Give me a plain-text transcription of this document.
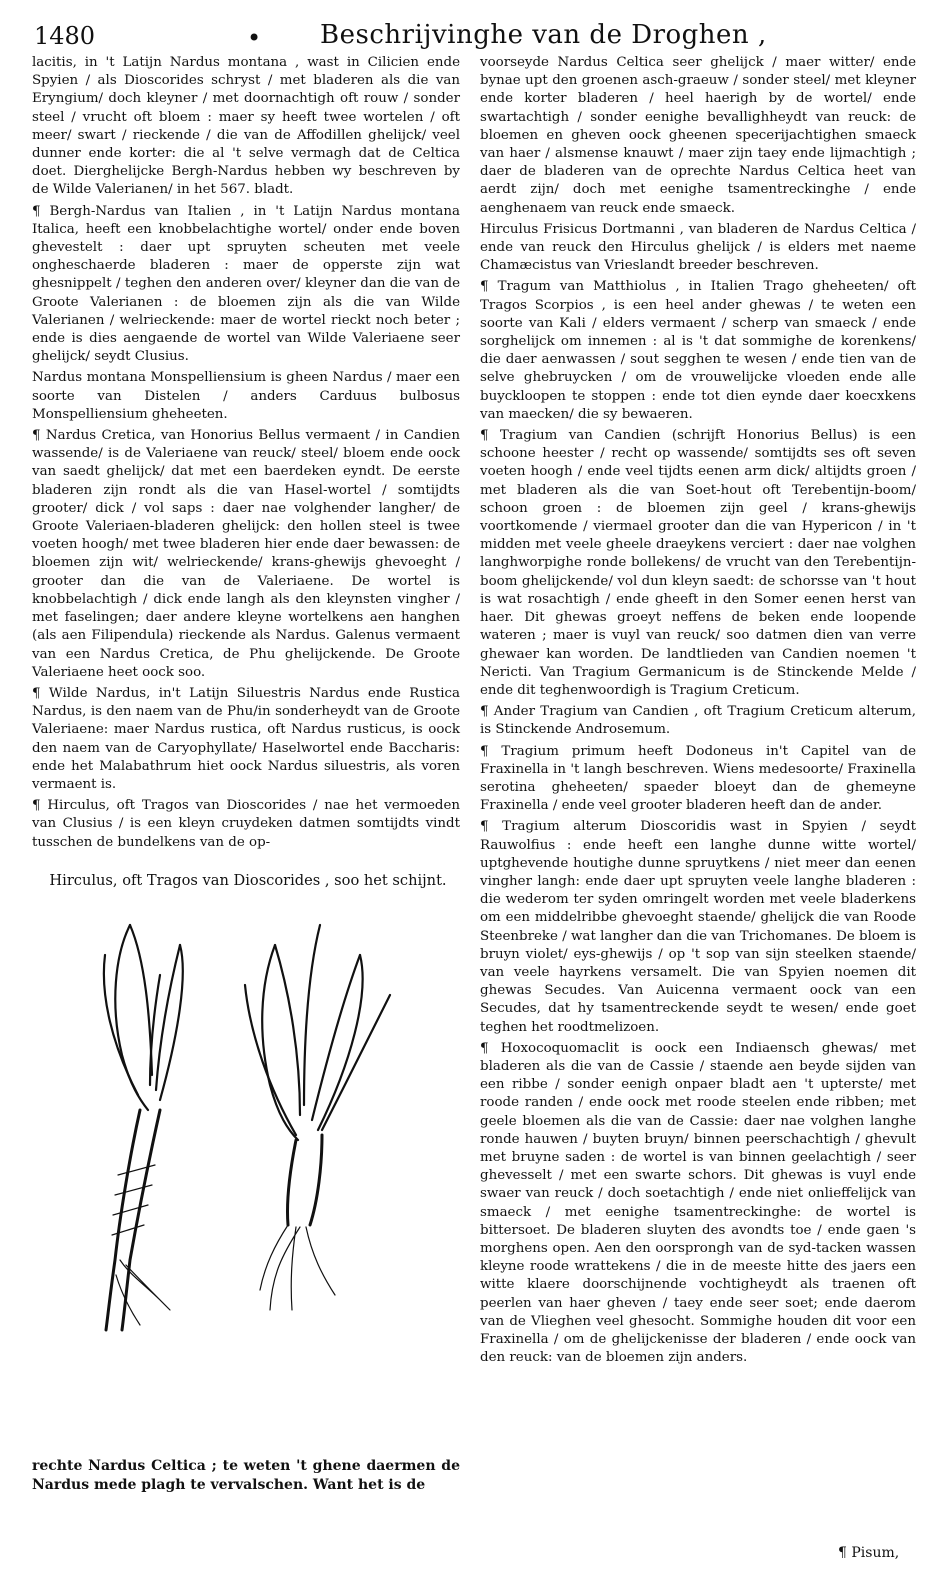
1480	• Beschrijvinghe van de Droghen ,

lacitis, in 't Latijn Nardus montana , wast in Cilicien ende Spyien / als Dioscorides schryst / met bladeren als die van Eryngium/ doch kleyner / met doornachtigh oft rouw / sonder steel / vrucht oft bloem : maer sy heeft twee wortelen / oft meer/ swart / rieckende / die van de Affodillen ghelijck/ veel dunner ende korter: die al 't selve vermagh dat de Celtica doet. Dierghelijcke Bergh-Nardus hebben wy beschreven by de Wilde Valerianen/ in het 567. bladt.

¶ Bergh-Nardus van Italien , in 't Latijn Nardus montana Italica, heeft een knobbelachtighe wortel/ onder ende boven ghevestelt : daer upt spruyten scheuten met veele ongheschaerde bladeren : maer de opperste zijn wat ghesnippelt / teghen den anderen over/ kleyner dan die van de Groote Valerianen : de bloemen zijn als die van Wilde Valerianen / welrieckende: maer de wortel rieckt noch beter ; ende is dies aengaende de wortel van Wilde Valeriaene seer ghelijck/ seydt Clusius.

Nardus montana Monspelliensium is gheen Nardus / maer een soorte van Distelen / anders Carduus bulbosus Monspelliensium gheheeten.

¶ Nardus Cretica, van Honorius Bellus vermaent / in Candien wassende/ is de Valeriaene van reuck/ steel/ bloem ende oock van saedt ghelijck/ dat met een baerdeken eyndt. De eerste bladeren zijn rondt als die van Hasel-wortel / somtijdts grooter/ dick / vol saps : daer nae volghender langher/ de Groote Valeriaen-bladeren ghelijck: den hollen steel is twee voeten hoogh/ met twee bladeren hier ende daer bewassen: de bloemen zijn wit/ welrieckende/ krans-ghewijs ghevoeght / grooter dan die van de Valeriaene. De wortel is knobbelachtigh / dick ende langh als den kleynsten vingher / met faselingen; daer andere kleyne wortelkens aen hanghen (als aen Filipendula) rieckende als Nardus. Galenus vermaent van een Nardus Cretica, de Phu ghelijckende. De Groote Valeriaene heet oock soo.

¶ Wilde Nardus, in't Latijn Siluestris Nardus ende Rustica Nardus, is den naem van de Phu/in sonderheydt van de Groote Valeriaene: maer Nardus rustica, oft Nardus rusticus, is oock den naem van de Caryophyllate/ Haselwortel ende Baccharis: ende het Malabathrum hiet oock Nardus siluestris, als voren vermaent is.

¶ Hirculus, oft Tragos van Dioscorides / nae het vermoeden van Clusius / is een kleyn cruydeken datmen somtijdts vindt tusschen de bundelkens van de op-

Hirculus, oft Tragos van Dioscorides , soo het schijnt.
rechte Nardus Celtica ; te weten 't ghene daermen de Nardus mede plagh te vervalschen. Want het is de

voorseyde Nardus Celtica seer ghelijck / maer witter/ ende bynae upt den groenen asch-graeuw / sonder steel/ met kleyner ende korter bladeren / heel haerigh by de wortel/ ende swartachtigh / sonder eenighe bevallighheydt van reuck: de bloemen en gheven oock gheenen specerijachtighen smaeck van haer / alsmense knauwt / maer zijn taey ende lijmachtigh ; daer de bladeren van de oprechte Nardus Celtica heet van aerdt zijn/ doch met eenighe tsamentreckinghe / ende aenghenaem van reuck ende smaeck.

Hirculus Frisicus Dortmanni , van bladeren de Nardus Celtica / ende van reuck den Hirculus ghelijck / is elders met naeme Chamæcistus van Vrieslandt breeder beschreven.

¶ Tragum van Matthiolus , in Italien Trago gheheeten/ oft Tragos Scorpios , is een heel ander ghewas / te weten een soorte van Kali / elders vermaent / scherp van smaeck / ende sorghelijck om innemen : al is 't dat sommighe de korenkens/ die daer aenwassen / sout segghen te wesen / ende tien van de selve ghebruycken / om de vrouwelijcke vloeden ende alle buyckloopen te stoppen : ende tot dien eynde daer koecxkens van maecken/ die sy bewaeren.

¶ Tragium van Candien (schrijft Honorius Bellus) is een schoone heester / recht op wassende/ somtijdts ses oft seven voeten hoogh / ende veel tijdts eenen arm dick/ altijdts groen / met bladeren als die van Soet-hout oft Terebentijn-boom/ schoon groen : de bloemen zijn geel / krans-ghewijs voortkomende / viermael grooter dan die van Hypericon / in 't midden met veele gheele draeykens verciert : daer nae volghen langhworpighe ronde bollekens/ de vrucht van den Terebentijn-boom ghelijckende/ vol dun kleyn saedt: de schorsse van 't hout is wat rosachtigh / ende gheeft in den Somer eenen herst van haer. Dit ghewas groeyt neffens de beken ende loopende wateren ; maer is vuyl van reuck/ soo datmen dien van verre ghewaer kan worden. De landtlieden van Candien noemen 't Nericti. Van Tragium Germanicum is de Stinckende Melde / ende dit teghenwoordigh is Tragium Creticum.

¶ Ander Tragium van Candien , oft Tragium Creticum alterum, is Stinckende Androsemum.

¶ Tragium primum heeft Dodoneus in't Capitel van de Fraxinella in 't langh beschreven. Wiens medesoorte/ Fraxinella serotina gheheeten/ spaeder bloeyt dan de ghemeyne Fraxinella / ende veel grooter bladeren heeft dan de ander.

¶ Tragium alterum Dioscoridis wast in Spyien / seydt Rauwolfius : ende heeft een langhe dunne witte wortel/ uptghevende houtighe dunne spruytkens / niet meer dan eenen vingher langh: ende daer upt spruyten veele langhe bladeren : die wederom ter syden omringelt worden met veele bladerkens om een middelribbe ghevoeght staende/ ghelijck die van Roode Steenbreke / wat langher dan die van Trichomanes. De bloem is bruyn violet/ eys-ghewijs / op 't sop van sijn steelken staende/ van veele hayrkens versamelt. Die van Spyien noemen dit ghewas Secudes. Van Auicenna vermaent oock van een Secudes, dat hy tsamentreckende seydt te wesen/ ende goet teghen het roodtmelizoen.

¶ Hoxocoquomaclit is oock een Indiaensch ghewas/ met bladeren als die van de Cassie / staende aen beyde sijden van een ribbe / sonder eenigh onpaer bladt aen 't upterste/ met roode randen / ende oock met roode steelen ende ribben; met geele bloemen als die van de Cassie: daer nae volghen langhe ronde hauwen / buyten bruyn/ binnen peerschachtigh / ghevult met bruyne saden : de wortel is van binnen geelachtigh / seer ghevesselt / met een swarte schors. Dit ghewas is vuyl ende swaer van reuck / doch soetachtigh / ende niet onlieffelijck van smaeck / met eenighe tsamentreckinghe: de wortel is bittersoet. De bladeren sluyten des avondts toe / ende gaen 's morghens open. Aen den oorsprongh van de syd-tacken wassen kleyne roode wrattekens / die in de meeste hitte des jaers een witte klaere doorschijnende vochtigheydt als traenen oft peerlen van haer gheven / taey ende seer soet; ende daerom van de Vlieghen veel ghesocht. Sommighe houden dit voor een Fraxinella / om de ghelijckenisse der bladeren / ende oock van den reuck: van de bloemen zijn anders.

¶ Pisum,
